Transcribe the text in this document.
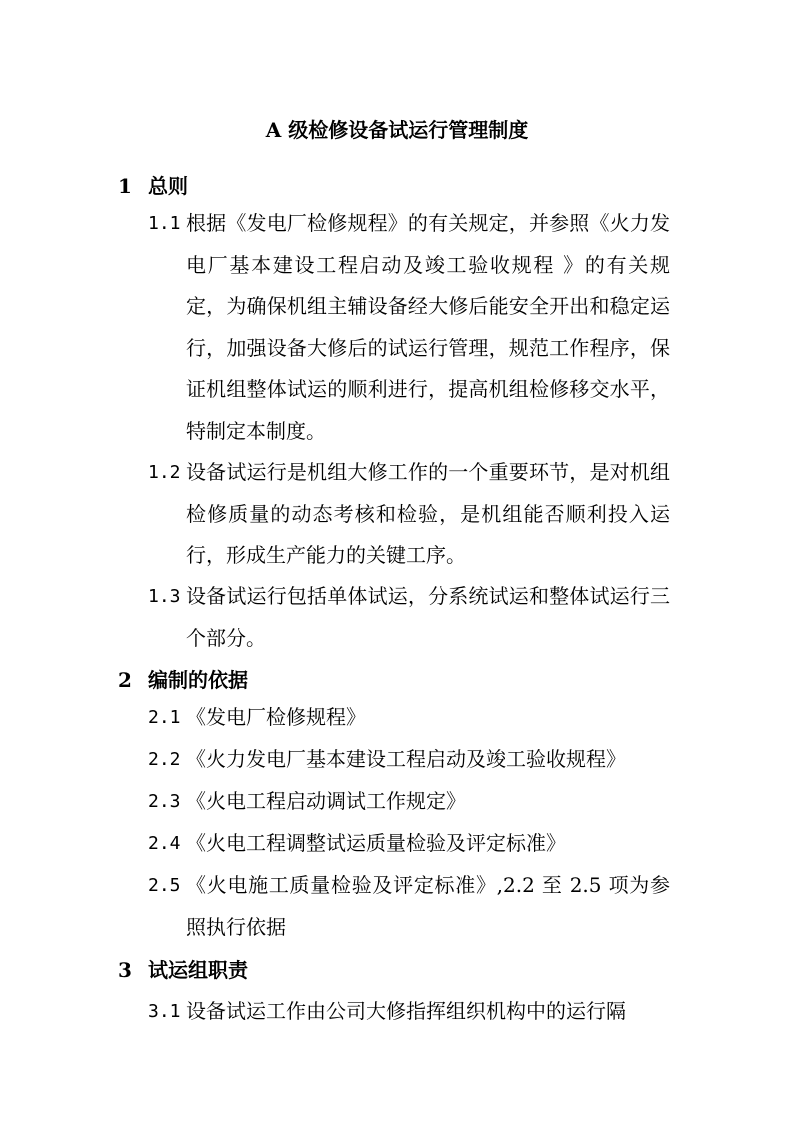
A 级检修设备试运行管理制度
1 总则
1.1 根据《发电厂检修规程》的有关规定，并参照《火力发电厂基本建设工程启动及竣工验收规程 》的有关规定，为确保机组主辅设备经大修后能安全开出和稳定运行，加强设备大修后的试运行管理，规范工作程序，保证机组整体试运的顺利进行，提高机组检修移交水平，特制定本制度。
1.2 设备试运行是机组大修工作的一个重要环节，是对机组检修质量的动态考核和检验，是机组能否顺利投入运行，形成生产能力的关键工序。
1.3 设备试运行包括单体试运，分系统试运和整体试运行三个部分。
2 编制的依据
2.1 《发电厂检修规程》
2.2 《火力发电厂基本建设工程启动及竣工验收规程》
2.3 《火电工程启动调试工作规定》
2.4 《火电工程调整试运质量检验及评定标准》
2.5 《火电施工质量检验及评定标准》,2.2 至 2.5 项为参照执行依据
3 试运组职责
3.1 设备试运工作由公司大修指挥组织机构中的运行隔
